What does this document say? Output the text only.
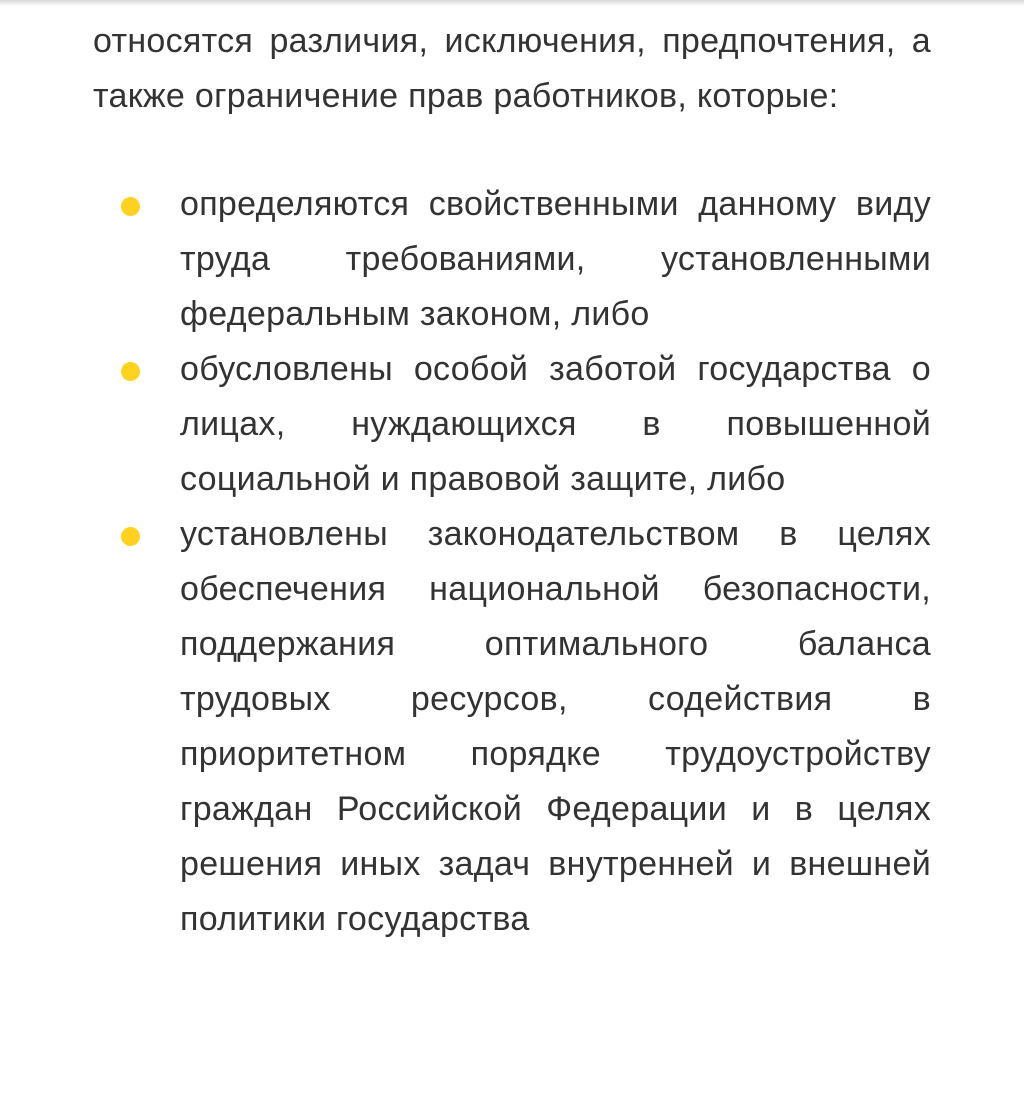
относятся различия, исключения, предпочтения, а также ограничение прав работников, которые:

определяются свойственными данному виду труда требованиями, установленными федеральным законом, либо
обусловлены особой заботой государства о лицах, нуждающихся в повышенной социальной и правовой защите, либо
установлены законодательством в целях обеспечения национальной безопасности, поддержания оптимального баланса трудовых ресурсов, содействия в приоритетном порядке трудоустройству граждан Российской Федерации и в целях решения иных задач внутренней и внешней политики государства
